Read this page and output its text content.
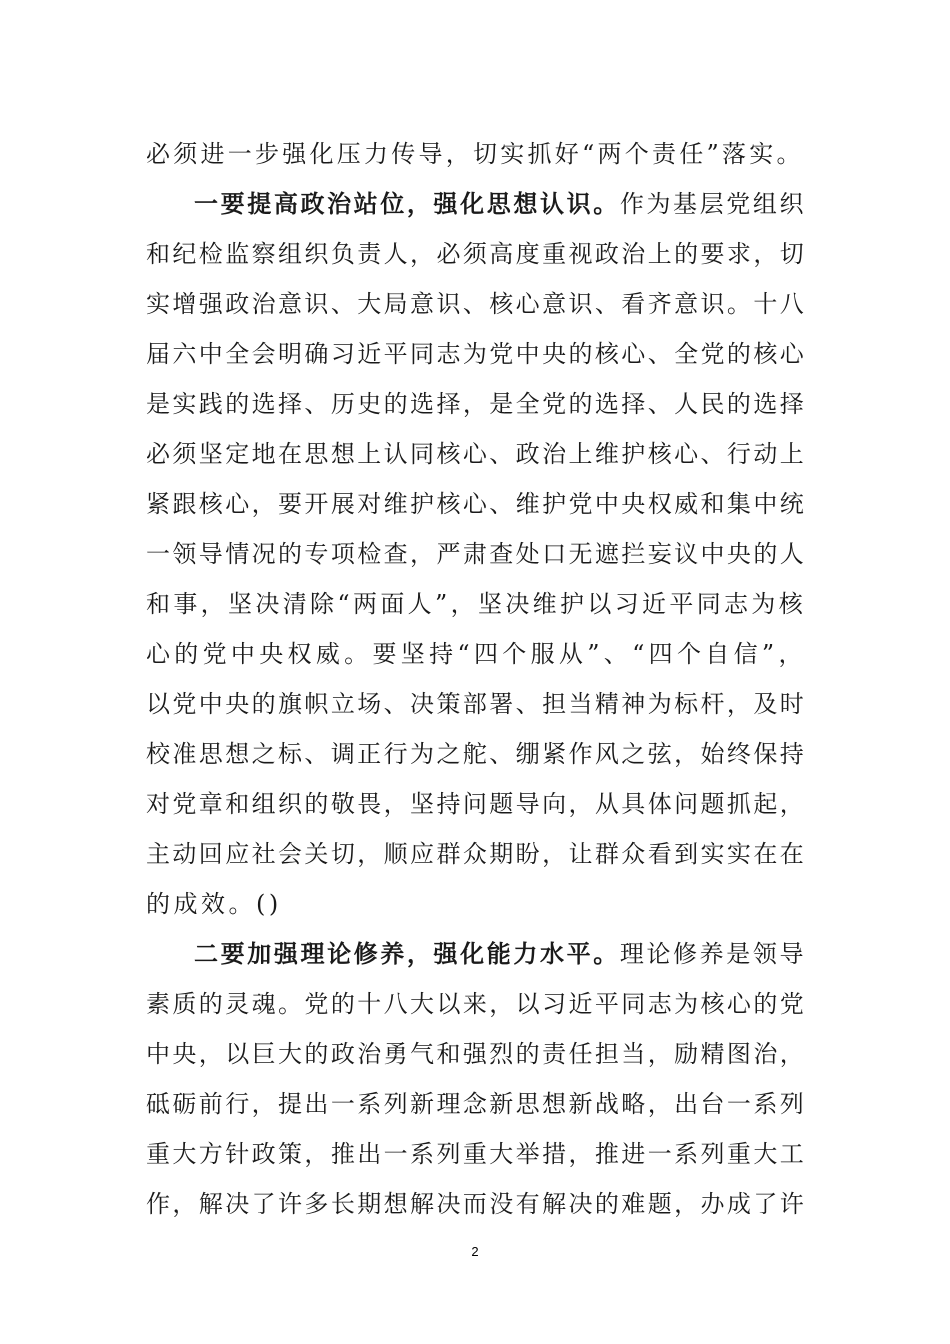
必须进一步强化压力传导，切实抓好“两个责任”落实。
一要提高政治站位，强化思想认识。作为基层党组织
和纪检监察组织负责人，必须高度重视政治上的要求，切
实增强政治意识、大局意识、核心意识、看齐意识。十八
届六中全会明确习近平同志为党中央的核心、全党的核心
是实践的选择、历史的选择，是全党的选择、人民的选择
必须坚定地在思想上认同核心、政治上维护核心、行动上
紧跟核心，要开展对维护核心、维护党中央权威和集中统
一领导情况的专项检查，严肃查处口无遮拦妄议中央的人
和事，坚决清除“两面人”，坚决维护以习近平同志为核
心的党中央权威。要坚持“四个服从”、“四个自信”，
以党中央的旗帜立场、决策部署、担当精神为标杆，及时
校准思想之标、调正行为之舵、绷紧作风之弦，始终保持
对党章和组织的敬畏，坚持问题导向，从具体问题抓起，
主动回应社会关切，顺应群众期盼，让群众看到实实在在
的成效。()
二要加强理论修养，强化能力水平。理论修养是领导
素质的灵魂。党的十八大以来，以习近平同志为核心的党
中央，以巨大的政治勇气和强烈的责任担当，励精图治，
砥砺前行，提出一系列新理念新思想新战略，出台一系列
重大方针政策，推出一系列重大举措，推进一系列重大工
作，解决了许多长期想解决而没有解决的难题，办成了许
2
